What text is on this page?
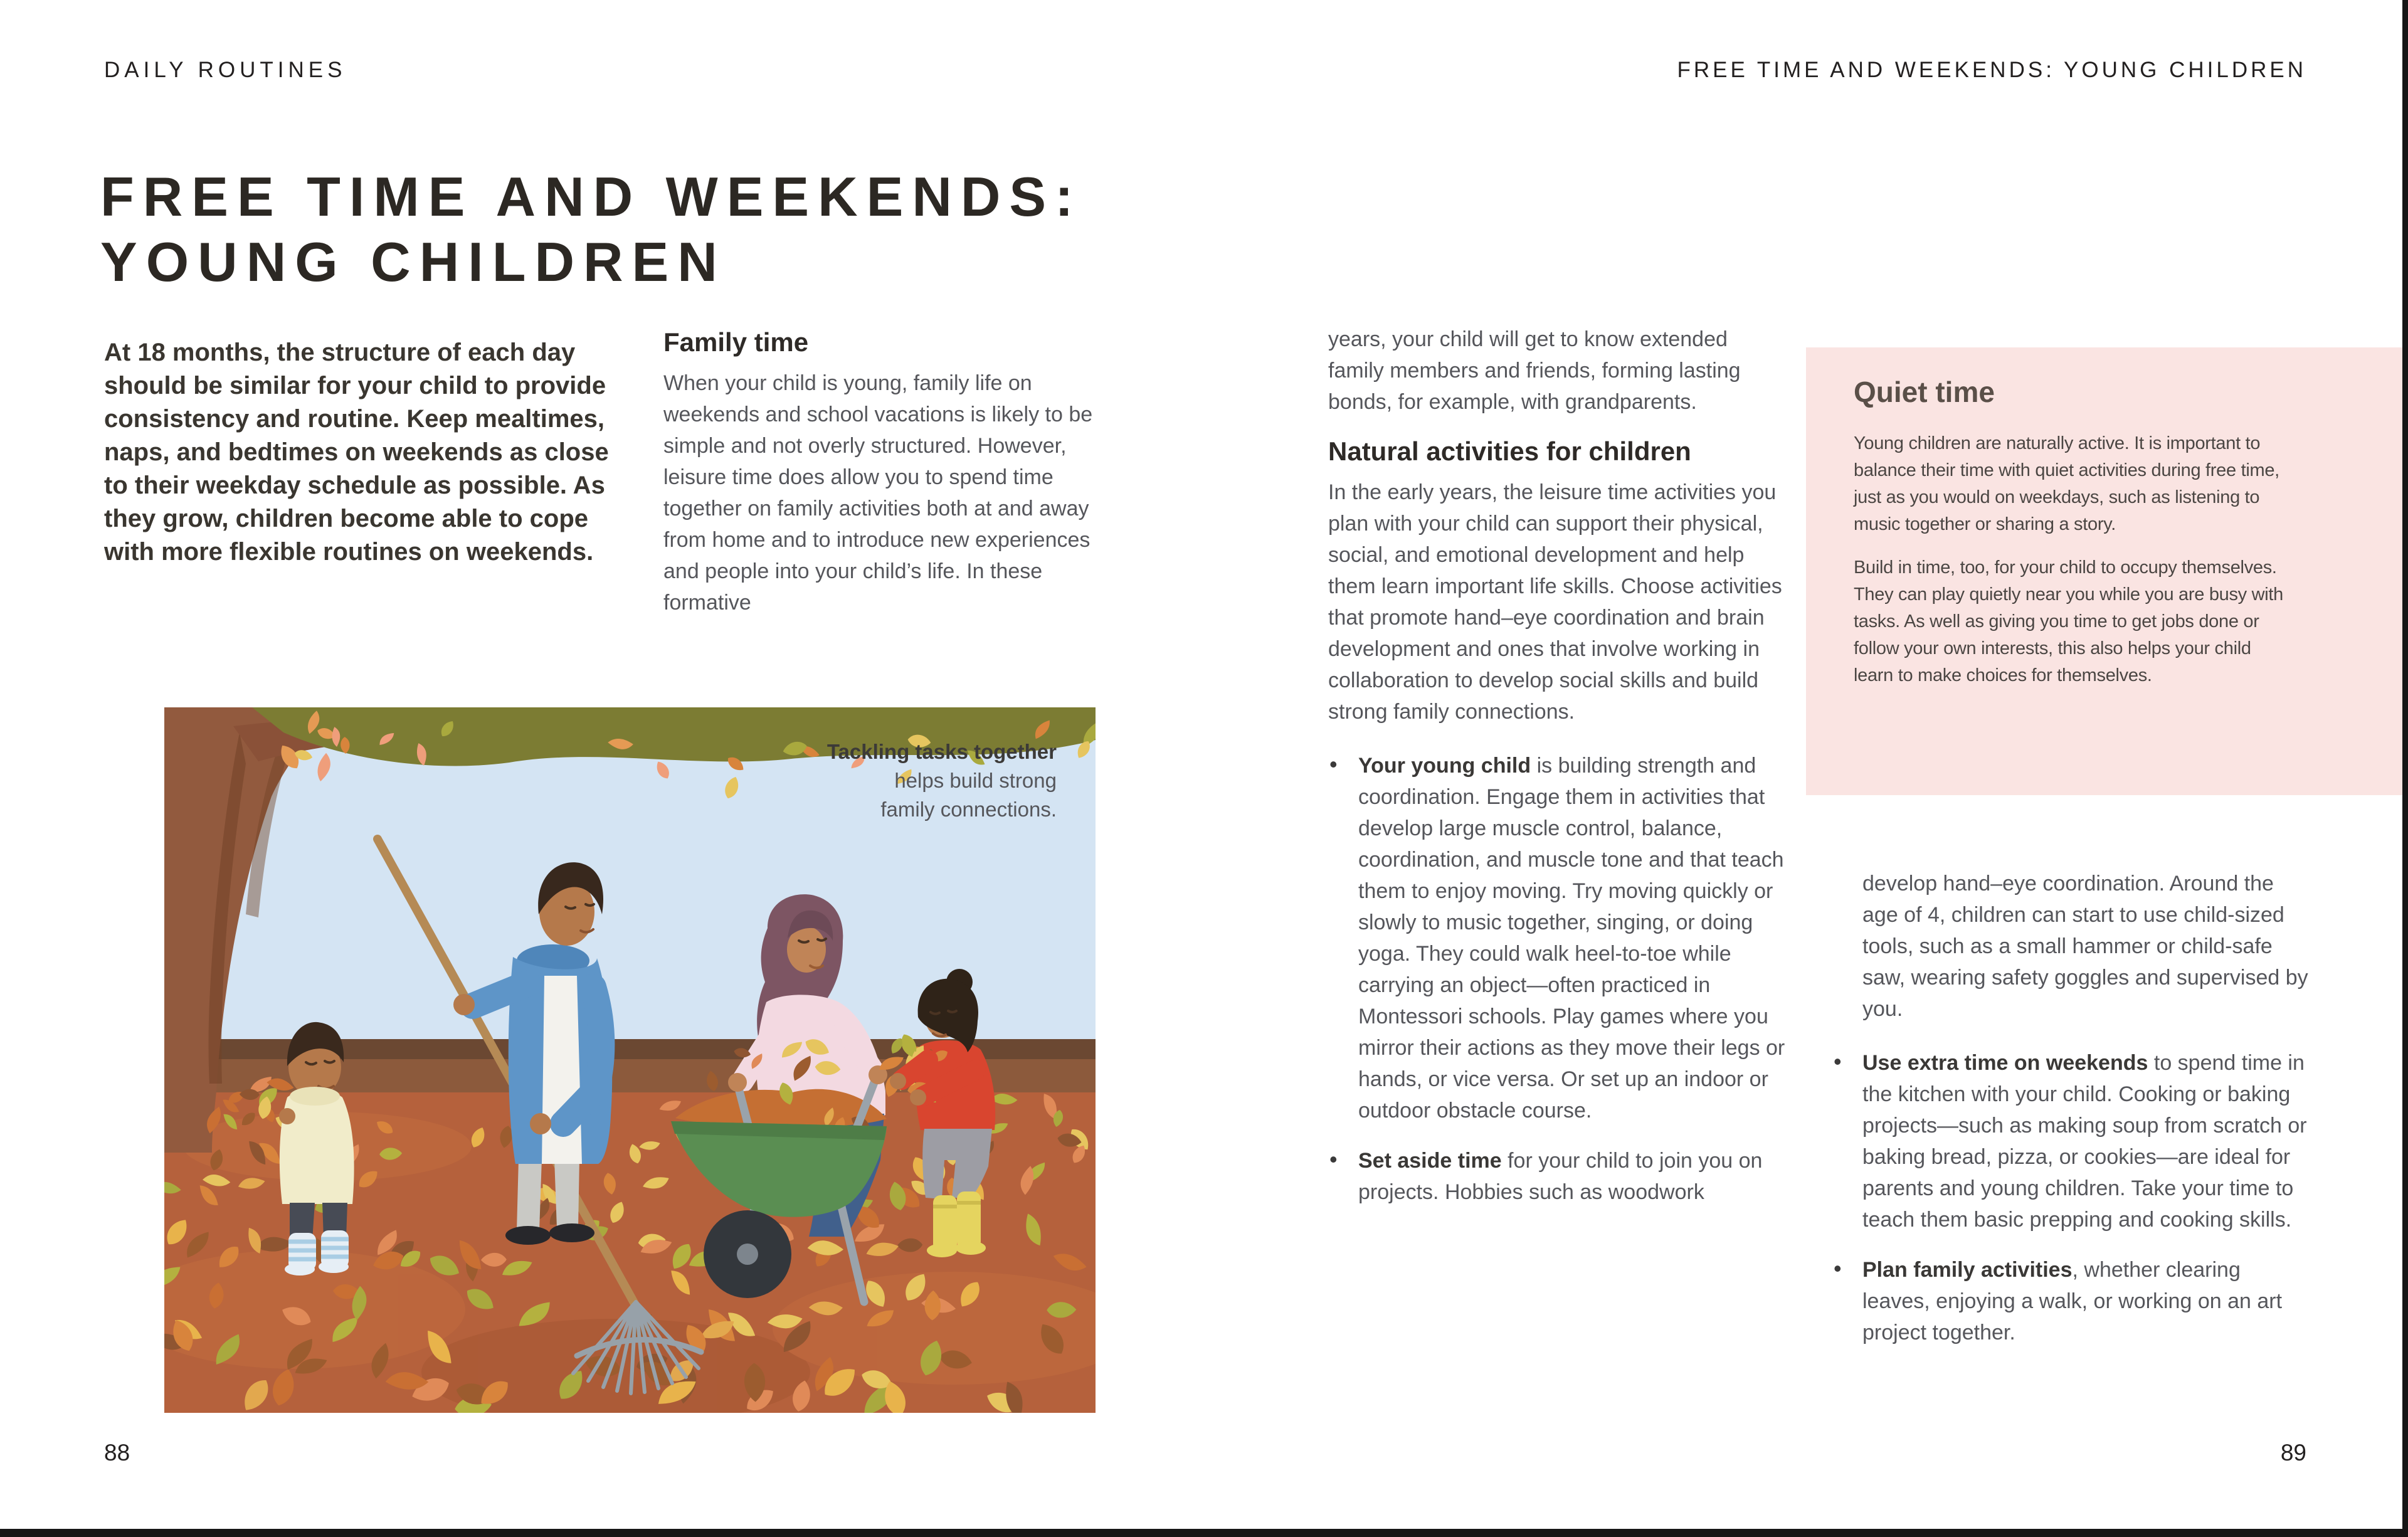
DAILY ROUTINES	FREE TIME AND WEEKENDS: YOUNG CHILDREN
FREE TIME AND WEEKENDS:
YOUNG CHILDREN
At 18 months, the structure of each day should be similar for your child to provide consistency and routine. Keep mealtimes, naps, and bedtimes on weekends as close to their weekday schedule as possible. As they grow, children become able to cope with more flexible routines on weekends.
Family time
When your child is young, family life on weekends and school vacations is likely to be simple and not overly structured. However, leisure time does allow you to spend time together on family activities both at and away from home and to introduce new experiences and people into your child’s life. In these formative
years, your child will get to know extended family members and friends, forming lasting bonds, for example, with grandparents.
Natural activities for children
In the early years, the leisure time activities you plan with your child can support their physical, social, and emotional development and help them learn important life skills. Choose activities that promote hand–eye coordination and brain development and ones that involve working in collaboration to develop social skills and build strong family connections.
• Your young child is building strength and coordination. Engage them in activities that develop large muscle control, balance, coordination, and muscle tone and that teach them to enjoy moving. Try moving quickly or slowly to music together, singing, or doing yoga. They could walk heel-to-toe while carrying an object—often practiced in Montessori schools. Play games where you mirror their actions as they move their legs or hands, or vice versa. Or set up an indoor or outdoor obstacle course.
• Set aside time for your child to join you on projects. Hobbies such as woodwork
Quiet time

Young children are naturally active. It is important to balance their time with quiet activities during free time, just as you would on weekdays, such as listening to music together or sharing a story.

Build in time, too, for your child to occupy themselves. They can play quietly near you while you are busy with tasks. As well as giving you time to get jobs done or follow your own interests, this also helps your child learn to make choices for themselves.

develop hand–eye coordination. Around the age of 4, children can start to use child-sized tools, such as a small hammer or child-safe saw, wearing safety goggles and supervised by you.
• Use extra time on weekends to spend time in the kitchen with your child. Cooking or baking projects—such as making soup from scratch or baking bread, pizza, or cookies—are ideal for parents and young children. Take your time to teach them basic prepping and cooking skills.
• Plan family activities, whether clearing leaves, enjoying a walk, or working on an art project together.
Tackling tasks together
helps build strong
family connections.
88	89
